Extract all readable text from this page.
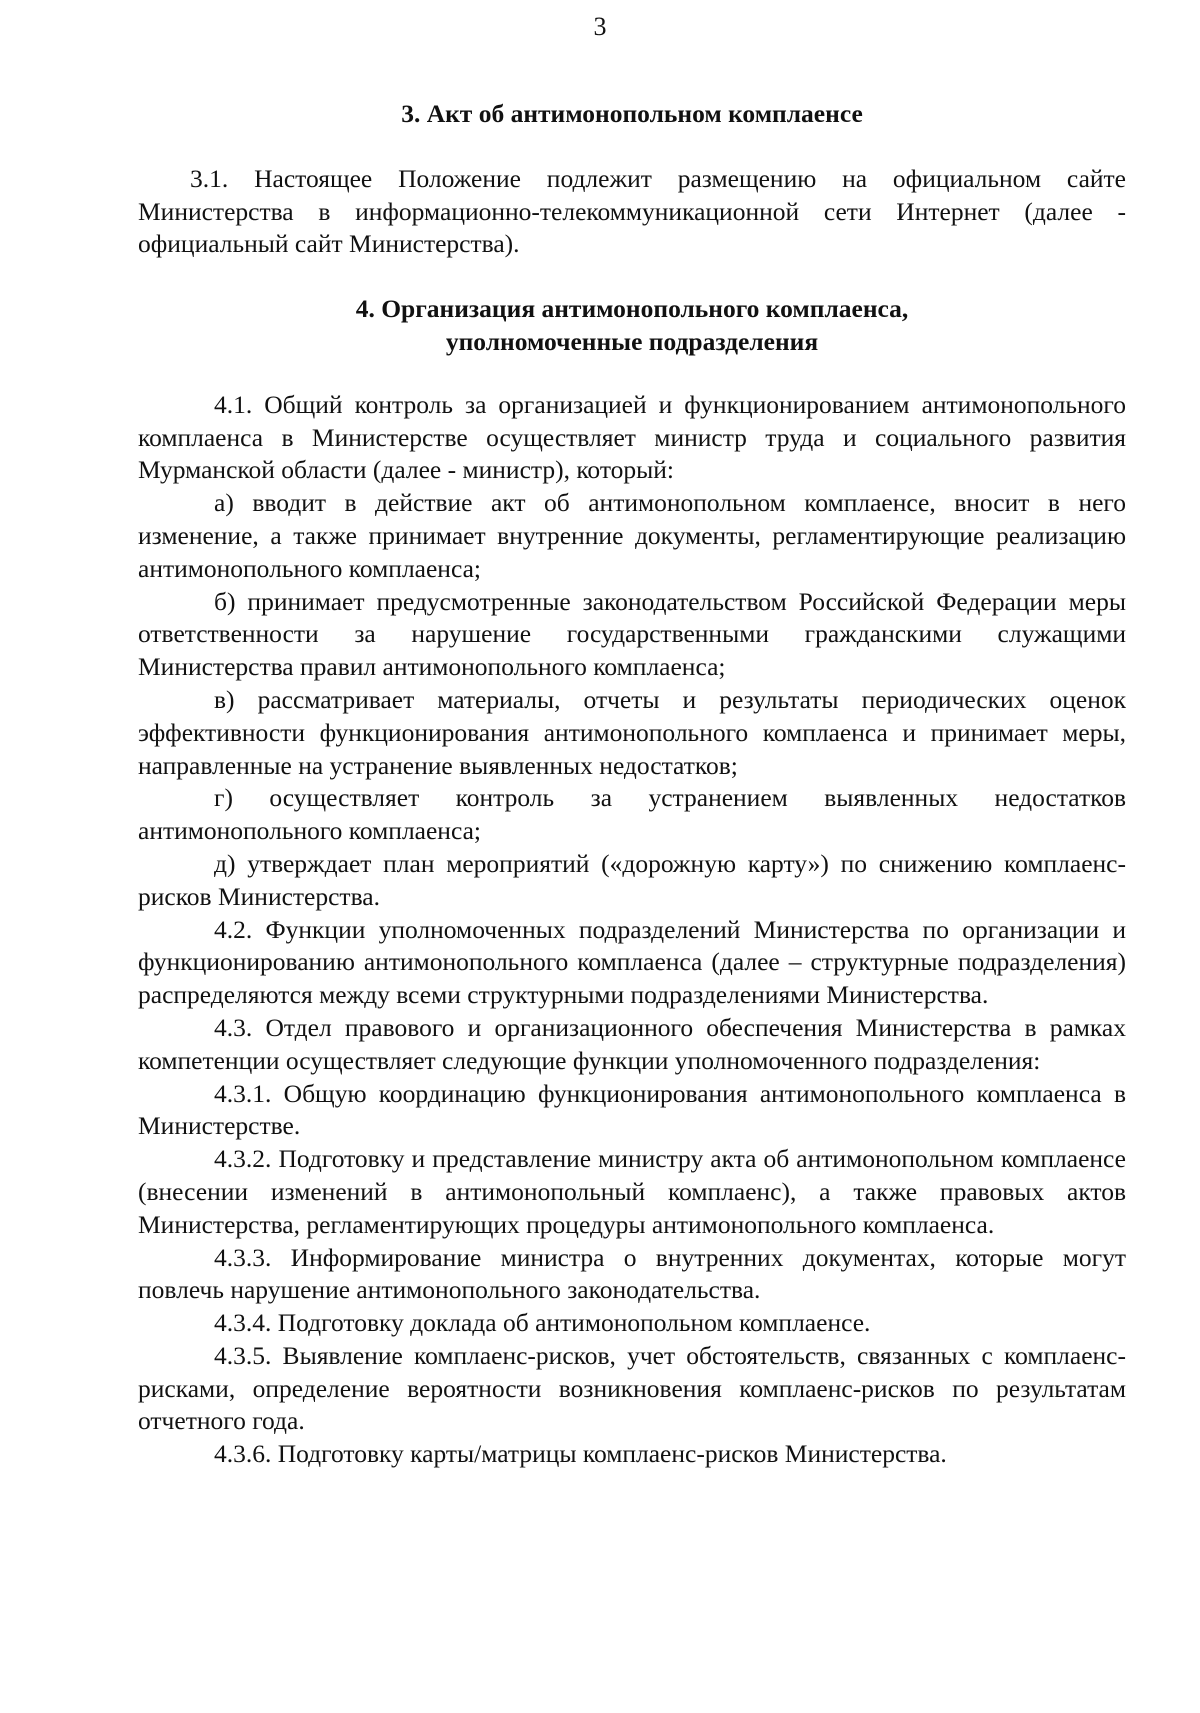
3

3. Акт об антимонопольном комплаенсе

3.1. Настоящее Положение подлежит размещению на официальном сайте Министерства в информационно-телекоммуникационной сети Интернет (далее - официальный сайт Министерства).

4. Организация антимонопольного комплаенса,
уполномоченные подразделения

4.1. Общий контроль за организацией и функционированием антимонопольного комплаенса в Министерстве осуществляет министр труда и социального развития Мурманской области (далее - министр), который:

а) вводит в действие акт об антимонопольном комплаенсе, вносит в него изменение, а также принимает внутренние документы, регламентирующие реализацию антимонопольного комплаенса;

б) принимает предусмотренные законодательством Российской Федерации меры ответственности за нарушение государственными гражданскими служащими Министерства правил антимонопольного комплаенса;

в) рассматривает материалы, отчеты и результаты периодических оценок эффективности функционирования антимонопольного комплаенса и принимает меры, направленные на устранение выявленных недостатков;

г) осуществляет контроль за устранением выявленных недостатков антимонопольного комплаенса;

д) утверждает план мероприятий («дорожную карту») по снижению комплаенс-рисков Министерства.

4.2. Функции уполномоченных подразделений Министерства по организации и функционированию антимонопольного комплаенса (далее – структурные подразделения) распределяются между всеми структурными подразделениями Министерства.

4.3. Отдел правового и организационного обеспечения Министерства в рамках компетенции осуществляет следующие функции уполномоченного подразделения:

4.3.1. Общую координацию функционирования антимонопольного комплаенса в Министерстве.

4.3.2. Подготовку и представление министру акта об антимонопольном комплаенсе (внесении изменений в антимонопольный комплаенс), а также правовых актов Министерства, регламентирующих процедуры антимонопольного комплаенса.

4.3.3. Информирование министра о внутренних документах, которые могут повлечь нарушение антимонопольного законодательства.

4.3.4. Подготовку доклада об антимонопольном комплаенсе.

4.3.5. Выявление комплаенс-рисков, учет обстоятельств, связанных с комплаенс-рисками, определение вероятности возникновения комплаенс-рисков по результатам отчетного года.

4.3.6. Подготовку карты/матрицы комплаенс-рисков Министерства.
